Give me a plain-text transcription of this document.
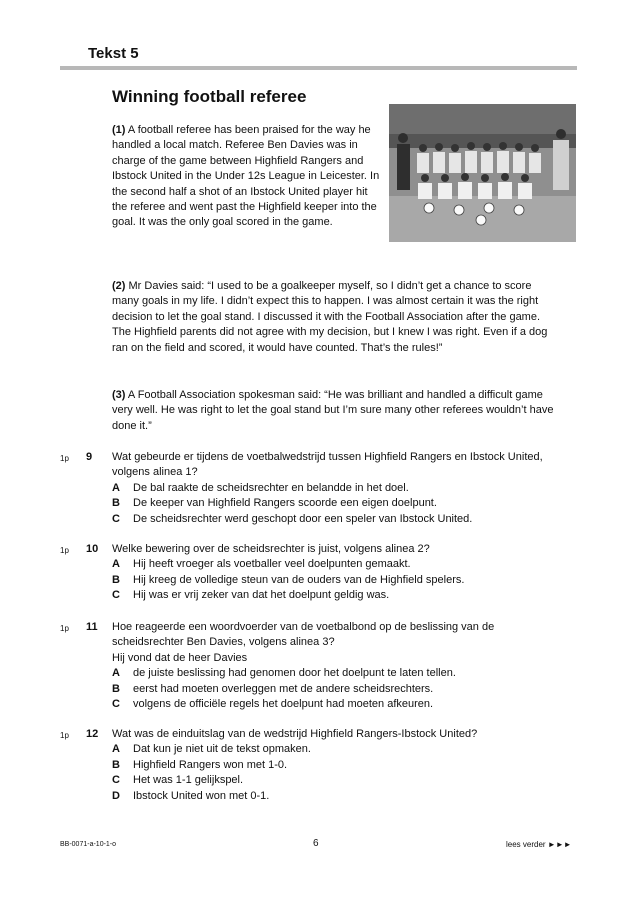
Tekst 5
Winning football referee
(1) A football referee has been praised for the way he handled a local match. Referee Ben Davies was in charge of the game between Highfield Rangers and Ibstock United in the Under 12s League in Leicester. In the second half a shot of an Ibstock United player hit the referee and went past the Highfield keeper into the goal. It was the only goal scored in the game.
(2) Mr Davies said: “I used to be a goalkeeper myself, so I didn’t get a chance to score many goals in my life. I didn’t expect this to happen. I was almost certain it was the right decision to let the goal stand. I discussed it with the Football Association after the game. The Highfield parents did not agree with my decision, but I knew I was right. Even if a dog ran on the field and scored, it would have counted. That’s the rules!”
(3) A Football Association spokesman said: “He was brilliant and handled a difficult game very well. He was right to let the goal stand but I’m sure many other referees wouldn’t have done it.”
1p 9 Wat gebeurde er tijdens de voetbalwedstrijd tussen Highfield Rangers en Ibstock United, volgens alinea 1?
A De bal raakte de scheidsrechter en belandde in het doel.
B De keeper van Highfield Rangers scoorde een eigen doelpunt.
C De scheidsrechter werd geschopt door een speler van Ibstock United.
1p 10 Welke bewering over de scheidsrechter is juist, volgens alinea 2?
A Hij heeft vroeger als voetballer veel doelpunten gemaakt.
B Hij kreeg de volledige steun van de ouders van de Highfield spelers.
C Hij was er vrij zeker van dat het doelpunt geldig was.
1p 11 Hoe reageerde een woordvoerder van de voetbalbond op de beslissing van de scheidsrechter Ben Davies, volgens alinea 3?
Hij vond dat de heer Davies
A de juiste beslissing had genomen door het doelpunt te laten tellen.
B eerst had moeten overleggen met de andere scheidsrechters.
C volgens de officiële regels het doelpunt had moeten afkeuren.
1p 12 Wat was de einduitslag van de wedstrijd Highfield Rangers-Ibstock United?
A Dat kun je niet uit de tekst opmaken.
B Highfield Rangers won met 1-0.
C Het was 1-1 gelijkspel.
D Ibstock United won met 0-1.
BB-0071-a-10-1-o	6	lees verder ►►►
